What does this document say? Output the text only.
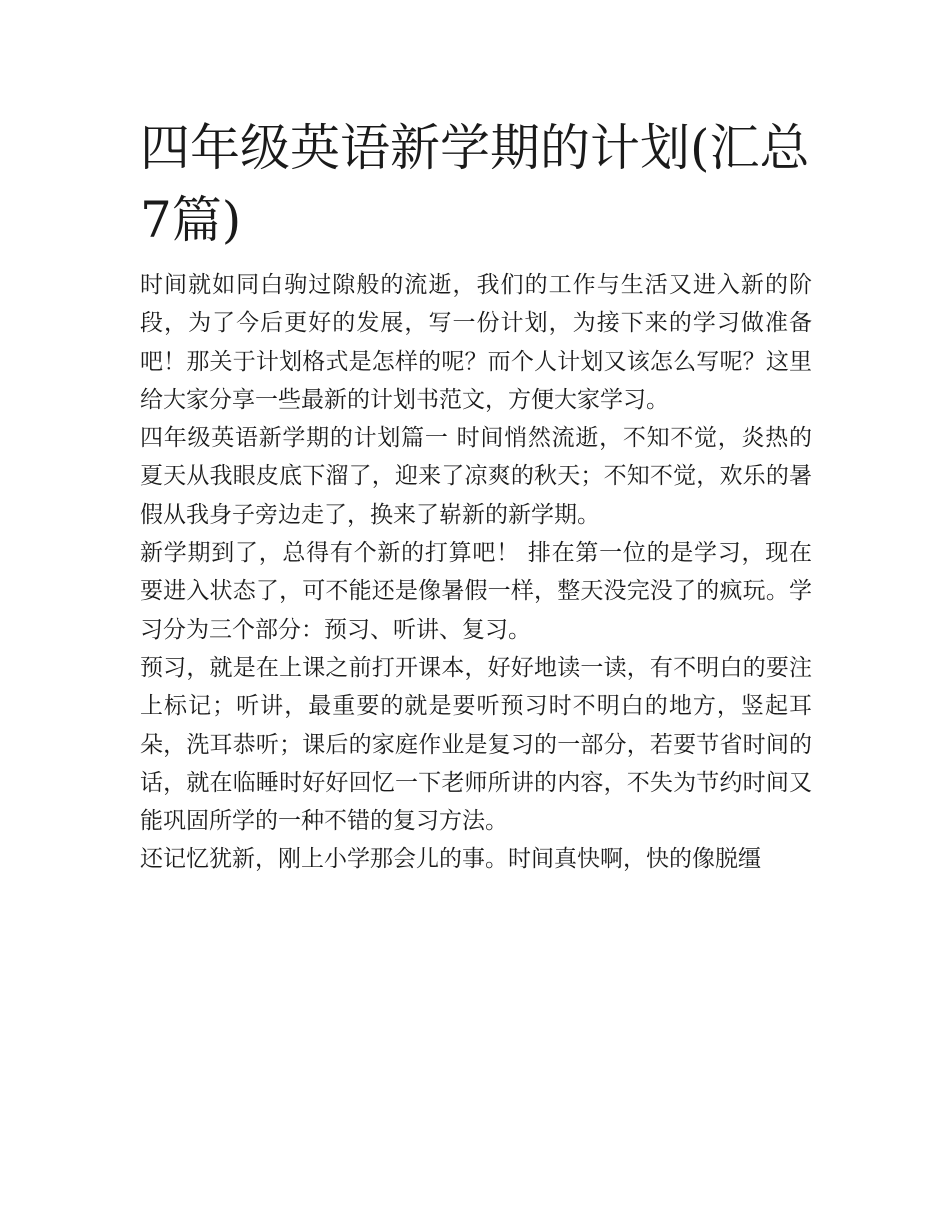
四年级英语新学期的计划(汇总7篇)

时间就如同白驹过隙般的流逝，我们的工作与生活又进入新的阶段，为了今后更好的发展，写一份计划，为接下来的学习做准备吧！那关于计划格式是怎样的呢？而个人计划又该怎么写呢？这里给大家分享一些最新的计划书范文，方便大家学习。

四年级英语新学期的计划篇一 时间悄然流逝，不知不觉，炎热的夏天从我眼皮底下溜了，迎来了凉爽的秋天；不知不觉，欢乐的暑假从我身子旁边走了，换来了崭新的新学期。

新学期到了，总得有个新的打算吧！ 排在第一位的是学习，现在要进入状态了，可不能还是像暑假一样，整天没完没了的疯玩。学习分为三个部分：预习、听讲、复习。

预习，就是在上课之前打开课本，好好地读一读，有不明白的要注上标记；听讲，最重要的就是要听预习时不明白的地方，竖起耳朵，洗耳恭听；课后的家庭作业是复习的一部分，若要节省时间的话，就在临睡时好好回忆一下老师所讲的内容，不失为节约时间又能巩固所学的一种不错的复习方法。

还记忆犹新，刚上小学那会儿的事。时间真快啊，快的像脱缰
